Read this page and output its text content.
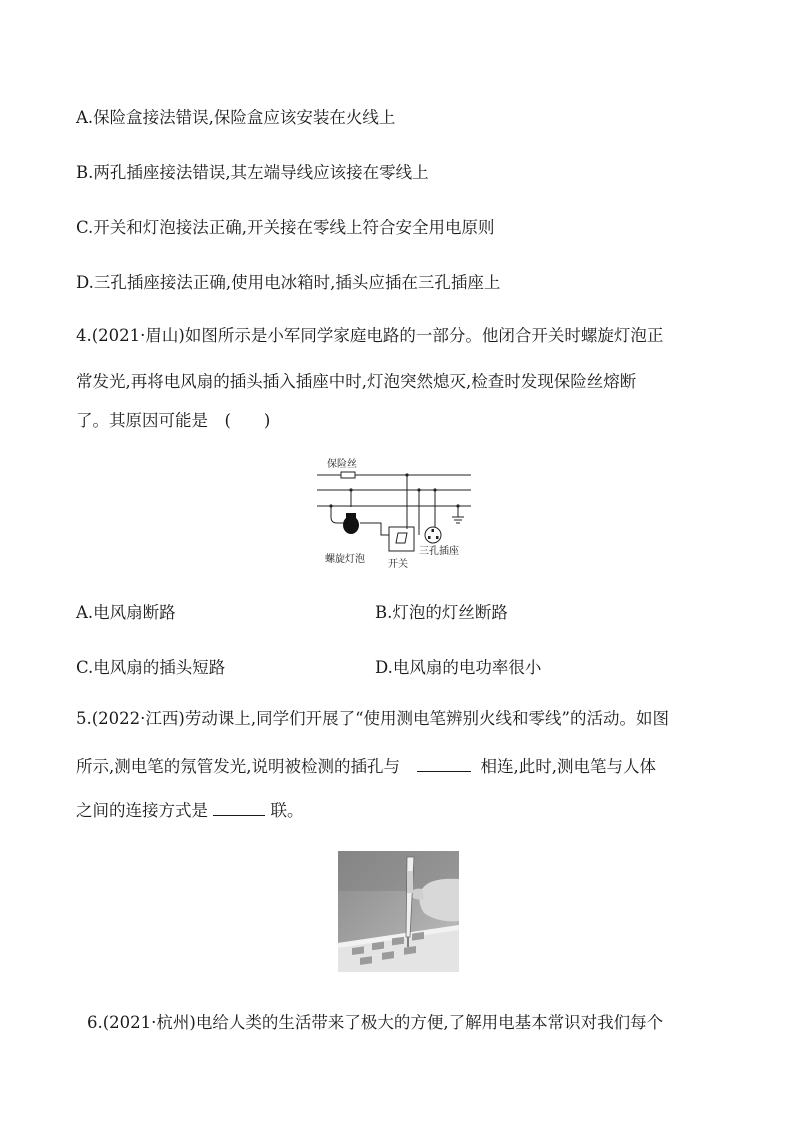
A.保险盒接法错误,保险盒应该安装在火线上
B.两孔插座接法错误,其左端导线应该接在零线上
C.开关和灯泡接法正确,开关接在零线上符合安全用电原则
D.三孔插座接法正确,使用电冰箱时,插头应插在三孔插座上
4.(2021·眉山)如图所示是小军同学家庭电路的一部分。他闭合开关时螺旋灯泡正
常发光,再将电风扇的插头插入插座中时,灯泡突然熄灭,检查时发现保险丝熔断
了。其原因可能是　(　　)
保险丝
螺旋灯泡 开关
三孔插座
A.电风扇断路	B.灯泡的灯丝断路
C.电风扇的插头短路	D.电风扇的电功率很小
5.(2022·江西)劳动课上,同学们开展了“使用测电笔辨别火线和零线”的活动。如图
所示,测电笔的氖管发光,说明被检测的插孔与	相连,此时,测电笔与人体
之间的连接方式是	联。
6.(2021·杭州)电给人类的生活带来了极大的方便,了解用电基本常识对我们每个
